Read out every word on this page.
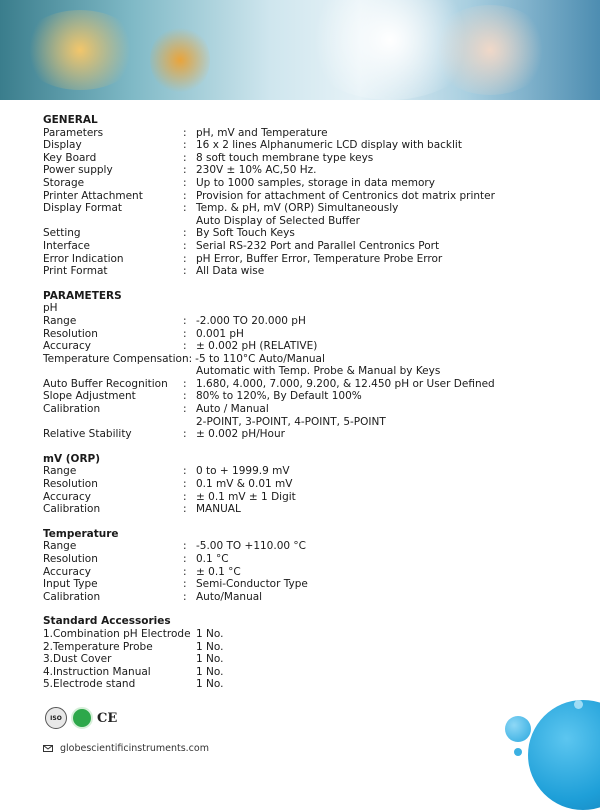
GENERAL
Parameters	: pH, mV and Temperature
Display	: 16 x 2 lines Alphanumeric LCD display with backlit
Key Board	: 8 soft touch membrane type keys
Power supply	: 230V ± 10% AC,50 Hz.
Storage	: Up to 1000 samples, storage in data memory
Printer Attachment	: Provision for attachment of Centronics dot matrix printer
Display Format	: Temp. & pH, mV (ORP) Simultaneously
Auto Display of Selected Buffer
Setting	: By Soft Touch Keys
Interface	: Serial RS-232 Port and Parallel Centronics Port
Error Indication	: pH Error, Buffer Error, Temperature Probe Error
Print Format	: All Data wise
PARAMETERS
pH
Range	: -2.000 TO 20.000 pH
Resolution	: 0.001 pH
Accuracy	: ± 0.002 pH (RELATIVE)
Temperature Compensation: -5 to 110°C Auto/Manual
Automatic with Temp. Probe & Manual by Keys
Auto Buffer Recognition	: 1.680, 4.000, 7.000, 9.200, & 12.450 pH or User Defined
Slope Adjustment	: 80% to 120%, By Default 100%
Calibration	: Auto / Manual
2-POINT, 3-POINT, 4-POINT, 5-POINT
Relative Stability	: ± 0.002 pH/Hour
mV (ORP)
Range	: 0 to + 1999.9 mV
Resolution	: 0.1 mV & 0.01 mV
Accuracy	: ± 0.1 mV ± 1 Digit
Calibration	: MANUAL
Temperature
Range	: -5.00 TO +110.00 °C
Resolution	: 0.1 °C
Accuracy	: ± 0.1 °C
Input Type	: Semi-Conductor Type
Calibration	: Auto/Manual
Standard Accessories
1.Combination pH Electrode 1 No.
2.Temperature Probe	1 No.
3.Dust Cover	1 No.
4.Instruction Manual	1 No.
5.Electrode stand	1 No.
ISO	CE
globescientificinstruments.com
